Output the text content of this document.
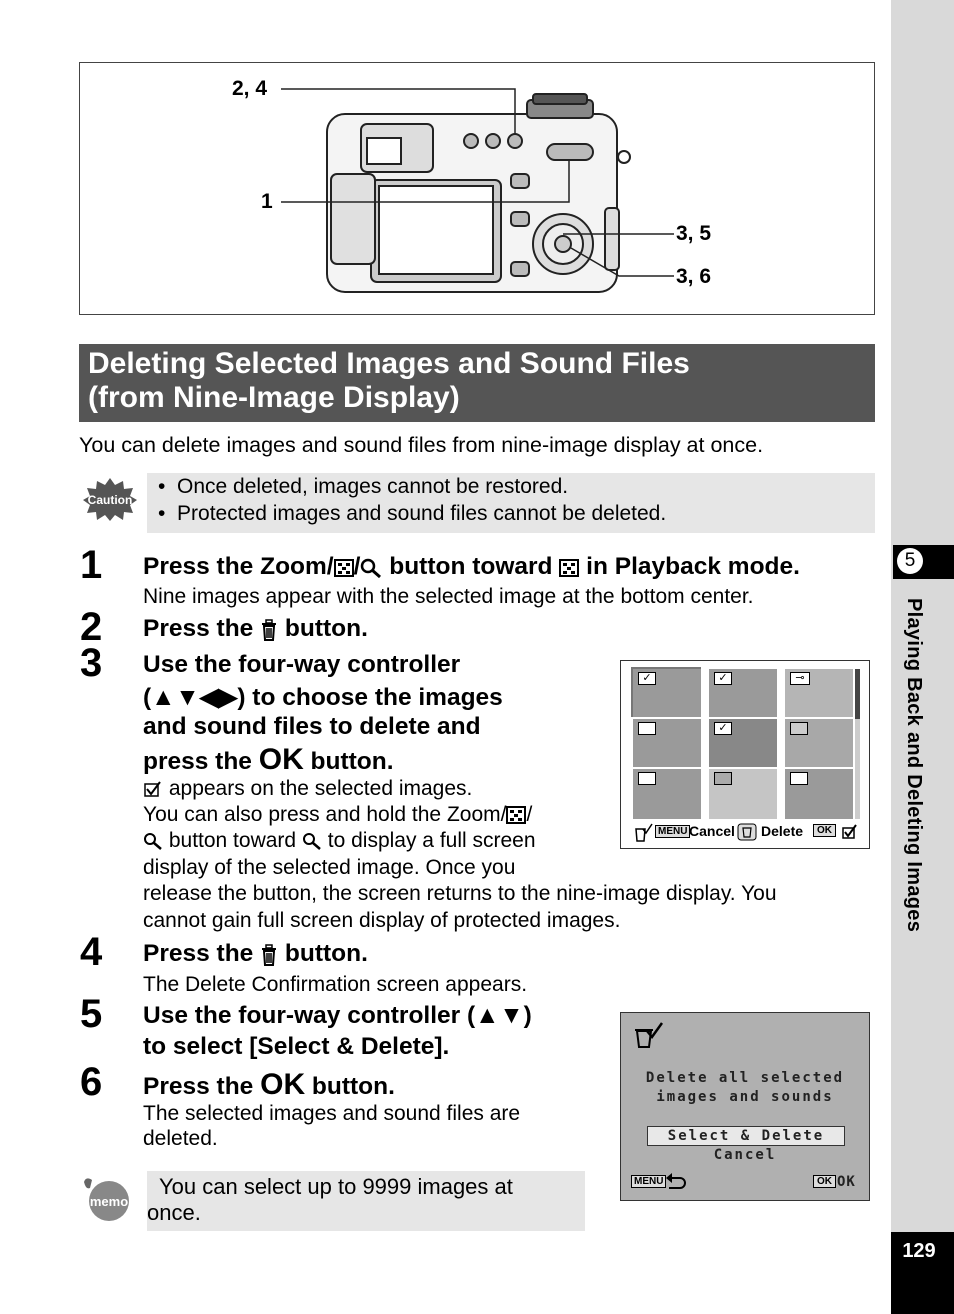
5
Playing Back and Deleting Images
129
2, 4
1
3, 5
3, 6
Deleting Selected Images and Sound Files
(from Nine-Image Display)
You can delete images and sound files from nine-image display at once.
Caution
•  Once deleted, images cannot be restored.
•  Protected images and sound files cannot be deleted.
1 Press the Zoom/ / button toward  in Playback mode.
Nine images appear with the selected image at the bottom center.
2 Press the  button.
3 Use the four-way controller
(▲▼◀▶) to choose the images
and sound files to delete and
press the OK button.
appears on the selected images.
You can also press and hold the Zoom/ /
button toward  to display a full screen
display of the selected image. Once you
release the button, the screen returns to the nine-image display. You
cannot gain full screen display of protected images.
✓	✓	⊸
✓
MENU Cancel Delete	OK
4 Press the  button.
The Delete Confirmation screen appears.
5 Use the four-way controller (▲▼)
to select [Select & Delete].
6 Press the OK button.
The selected images and sound files are
deleted.
Delete all selected
images and sounds
Select & Delete
Cancel
MENU	OK OK
memo
You can select up to 9999 images at
once.
